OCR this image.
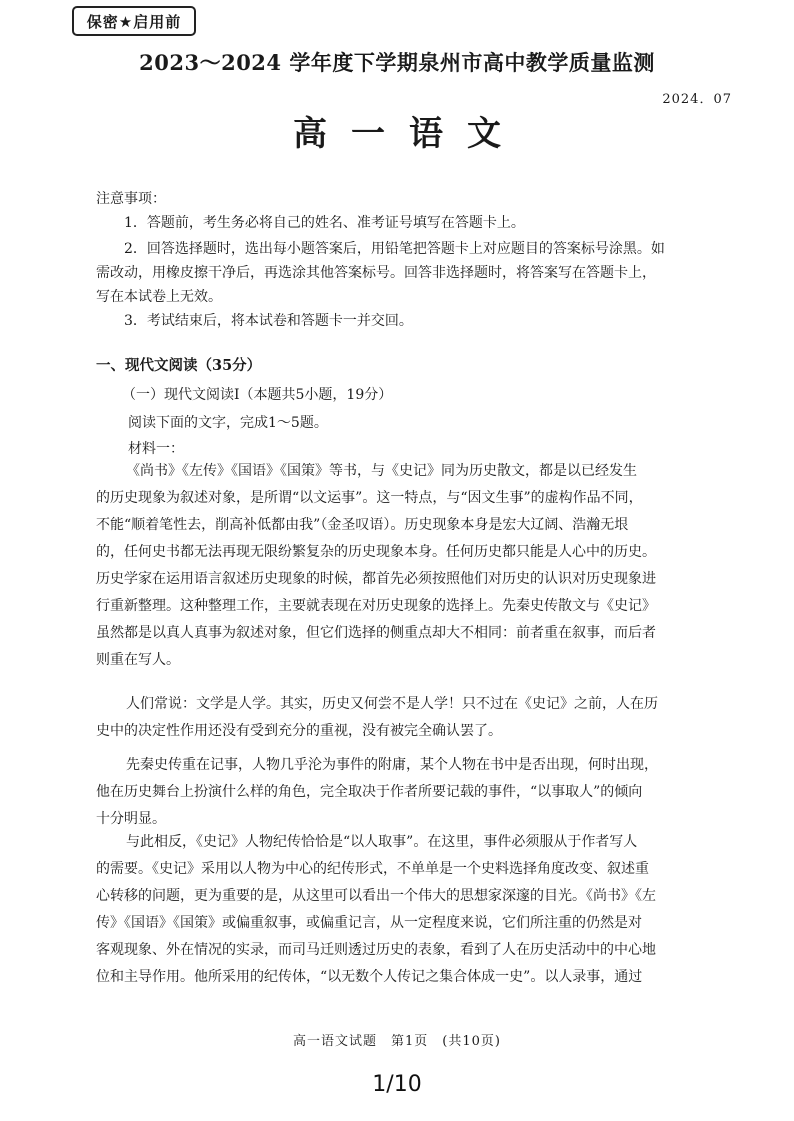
保密★启用前
2023～2024 学年度下学期泉州市高中教学质量监测
2024．07
高一语文
注意事项：
1．答题前，考生务必将自己的姓名、准考证号填写在答题卡上。
2．回答选择题时，选出每小题答案后，用铅笔把答题卡上对应题目的答案标号涂黑。如
需改动，用橡皮擦干净后，再选涂其他答案标号。回答非选择题时，将答案写在答题卡上，
写在本试卷上无效。
3．考试结束后，将本试卷和答题卡一并交回。
一、现代文阅读（35分）
（一）现代文阅读Ⅰ（本题共5小题，19分）
阅读下面的文字，完成1～5题。
材料一：
《尚书》《左传》《国语》《国策》等书，与《史记》同为历史散文，都是以已经发生
的历史现象为叙述对象，是所谓“以文运事”。这一特点，与“因文生事”的虚构作品不同，
不能“顺着笔性去，削高补低都由我”（金圣叹语）。历史现象本身是宏大辽阔、浩瀚无垠
的，任何史书都无法再现无限纷繁复杂的历史现象本身。任何历史都只能是人心中的历史。
历史学家在运用语言叙述历史现象的时候，都首先必须按照他们对历史的认识对历史现象进
行重新整理。这种整理工作，主要就表现在对历史现象的选择上。先秦史传散文与《史记》
虽然都是以真人真事为叙述对象，但它们选择的侧重点却大不相同：前者重在叙事，而后者
则重在写人。
人们常说：文学是人学。其实，历史又何尝不是人学！只不过在《史记》之前，人在历
史中的决定性作用还没有受到充分的重视，没有被完全确认罢了。
先秦史传重在记事，人物几乎沦为事件的附庸，某个人物在书中是否出现，何时出现，
他在历史舞台上扮演什么样的角色，完全取决于作者所要记载的事件，“以事取人”的倾向
十分明显。
与此相反，《史记》人物纪传恰恰是“以人取事”。在这里，事件必须服从于作者写人
的需要。《史记》采用以人物为中心的纪传形式，不单单是一个史料选择角度改变、叙述重
心转移的问题，更为重要的是，从这里可以看出一个伟大的思想家深邃的目光。《尚书》《左
传》《国语》《国策》或偏重叙事，或偏重记言，从一定程度来说，它们所注重的仍然是对
客观现象、外在情况的实录，而司马迁则透过历史的表象，看到了人在历史活动中的中心地
位和主导作用。他所采用的纪传体，“以无数个人传记之集合体成一史”。以人录事，通过
高一语文试题　第1页　(共10页)
1/10
